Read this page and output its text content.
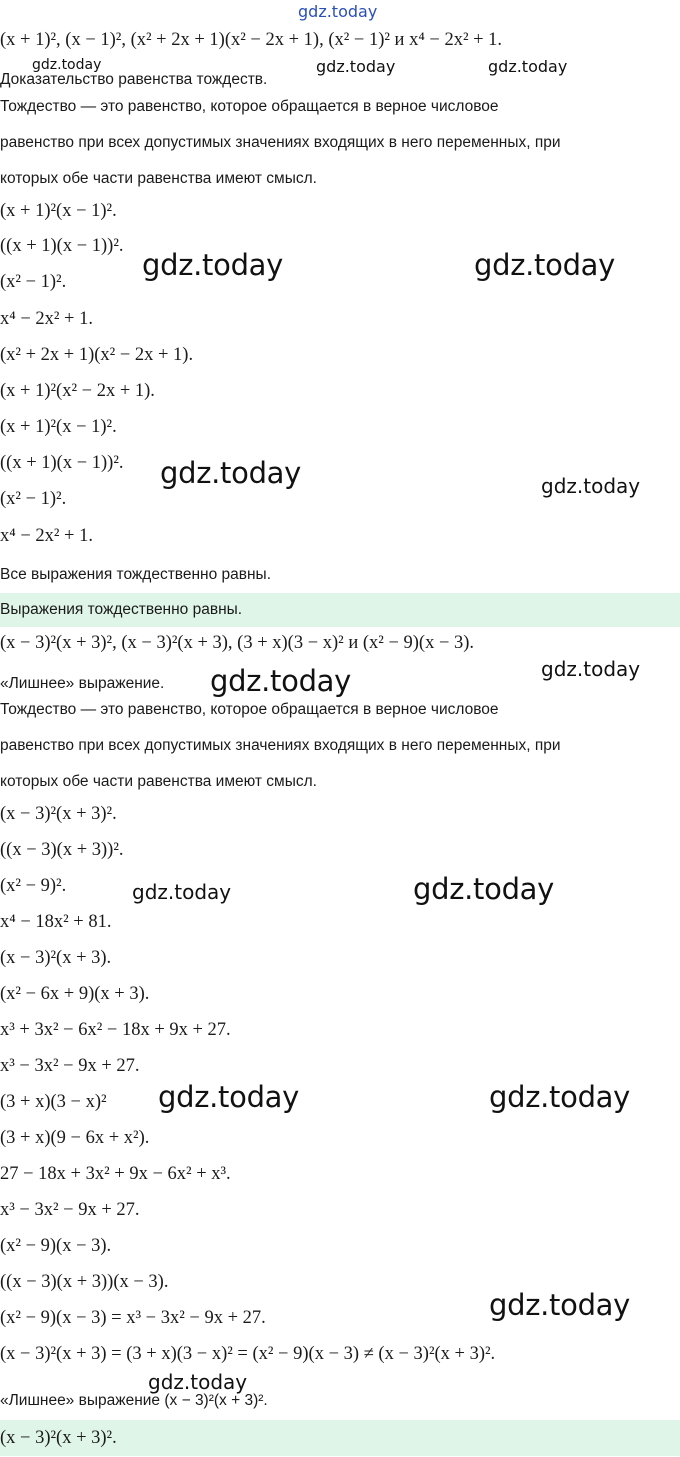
(x + 1)², (x − 1)², (x² + 2x + 1)(x² − 2x + 1), (x² − 1)² и x⁴ − 2x² + 1.
Доказательство равенства тождеств.
Тождество — это равенство, которое обращается в верное числовое
равенство при всех допустимых значениях входящих в него переменных, при
которых обе части равенства имеют смысл.
(x + 1)²(x − 1)².
((x + 1)(x − 1))².
(x² − 1)².
x⁴ − 2x² + 1.
(x² + 2x + 1)(x² − 2x + 1).
(x + 1)²(x² − 2x + 1).
(x + 1)²(x − 1)².
((x + 1)(x − 1))².
(x² − 1)².
x⁴ − 2x² + 1.
Все выражения тождественно равны.
Выражения тождественно равны.
(x − 3)²(x + 3)², (x − 3)²(x + 3), (3 + x)(3 − x)² и (x² − 9)(x − 3).
«Лишнее» выражение.
Тождество — это равенство, которое обращается в верное числовое
равенство при всех допустимых значениях входящих в него переменных, при
которых обе части равенства имеют смысл.
(x − 3)²(x + 3)².
((x − 3)(x + 3))².
(x² − 9)².
x⁴ − 18x² + 81.
(x − 3)²(x + 3).
(x² − 6x + 9)(x + 3).
x³ + 3x² − 6x² − 18x + 9x + 27.
x³ − 3x² − 9x + 27.
(3 + x)(3 − x)²
(3 + x)(9 − 6x + x²).
27 − 18x + 3x² + 9x − 6x² + x³.
x³ − 3x² − 9x + 27.
(x² − 9)(x − 3).
((x − 3)(x + 3))(x − 3).
(x² − 9)(x − 3) = x³ − 3x² − 9x + 27.
(x − 3)²(x + 3) = (3 + x)(3 − x)² = (x² − 9)(x − 3) ≠ (x − 3)²(x + 3)².
«Лишнее» выражение (x − 3)²(x + 3)².
(x − 3)²(x + 3)².
gdz.today
gdz.today	gdz.today	gdz.today
gdz.today	gdz.today
gdz.today	gdz.today
gdz.today
gdz.today
gdz.today	gdz.today
gdz.today	gdz.today
gdz.today
gdz.today
